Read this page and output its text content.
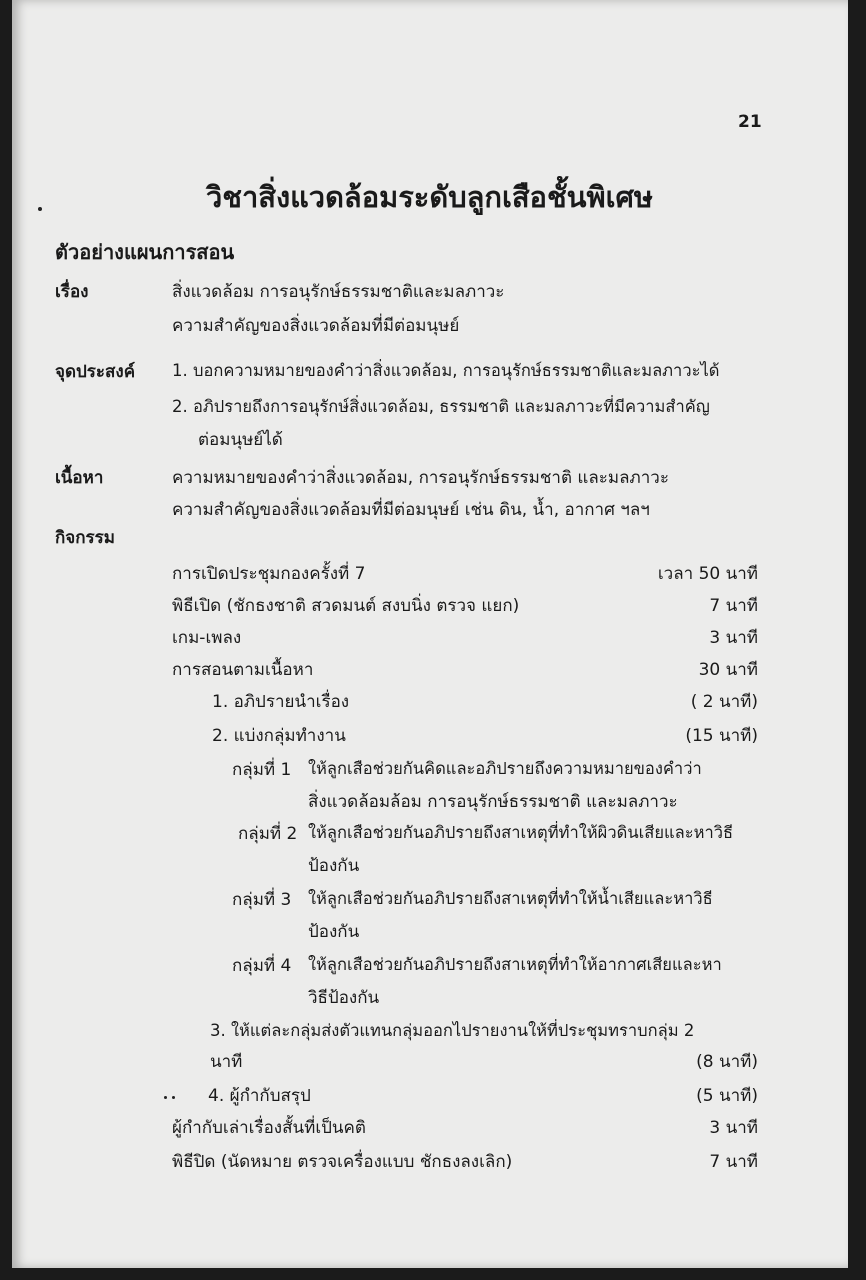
21
วิชาสิ่งแวดล้อมระดับลูกเสือชั้นพิเศษ
ตัวอย่างแผนการสอน
เรื่อง	สิ่งแวดล้อม การอนุรักษ์ธรรมชาติและมลภาวะ
ความสำคัญของสิ่งแวดล้อมที่มีต่อมนุษย์
จุดประสงค์ 1. บอกความหมายของคำว่าสิ่งแวดล้อม, การอนุรักษ์ธรรมชาติและมลภาวะได้
2. อภิปรายถึงการอนุรักษ์สิ่งแวดล้อม, ธรรมชาติ และมลภาวะที่มีความสำคัญ
ต่อมนุษย์ได้
เนื้อหา	ความหมายของคำว่าสิ่งแวดล้อม, การอนุรักษ์ธรรมชาติ และมลภาวะ
ความสำคัญของสิ่งแวดล้อมที่มีต่อมนุษย์ เช่น ดิน, น้ำ, อากาศ ฯลฯ
กิจกรรม
การเปิดประชุมกองครั้งที่ 7	เวลา 50 นาที
พิธีเปิด (ชักธงชาติ สวดมนต์ สงบนิ่ง ตรวจ แยก)	7 นาที
เกม-เพลง	3 นาที
การสอนตามเนื้อหา	30 นาที
1. อภิปรายนำเรื่อง	( 2 นาที)
2. แบ่งกลุ่มทำงาน	(15 นาที)
กลุ่มที่ 1 ให้ลูกเสือช่วยกันคิดและอภิปรายถึงความหมายของคำว่า
สิ่งแวดล้อมล้อม การอนุรักษ์ธรรมชาติ และมลภาวะ
กลุ่มที่ 2 ให้ลูกเสือช่วยกันอภิปรายถึงสาเหตุที่ทำให้ผิวดินเสียและหาวิธี
ป้องกัน
กลุ่มที่ 3 ให้ลูกเสือช่วยกันอภิปรายถึงสาเหตุที่ทำให้น้ำเสียและหาวิธี
ป้องกัน
กลุ่มที่ 4 ให้ลูกเสือช่วยกันอภิปรายถึงสาเหตุที่ทำให้อากาศเสียและหา
วิธีป้องกัน
3. ให้แต่ละกลุ่มส่งตัวแทนกลุ่มออกไปรายงานให้ที่ประชุมทราบกลุ่ม 2
นาที	(8 นาที)
4. ผู้กำกับสรุป	(5 นาที)
ผู้กำกับเล่าเรื่องสั้นที่เป็นคติ	3 นาที
พิธีปิด (นัดหมาย ตรวจเครื่องแบบ ชักธงลงเลิก)	7 นาที
